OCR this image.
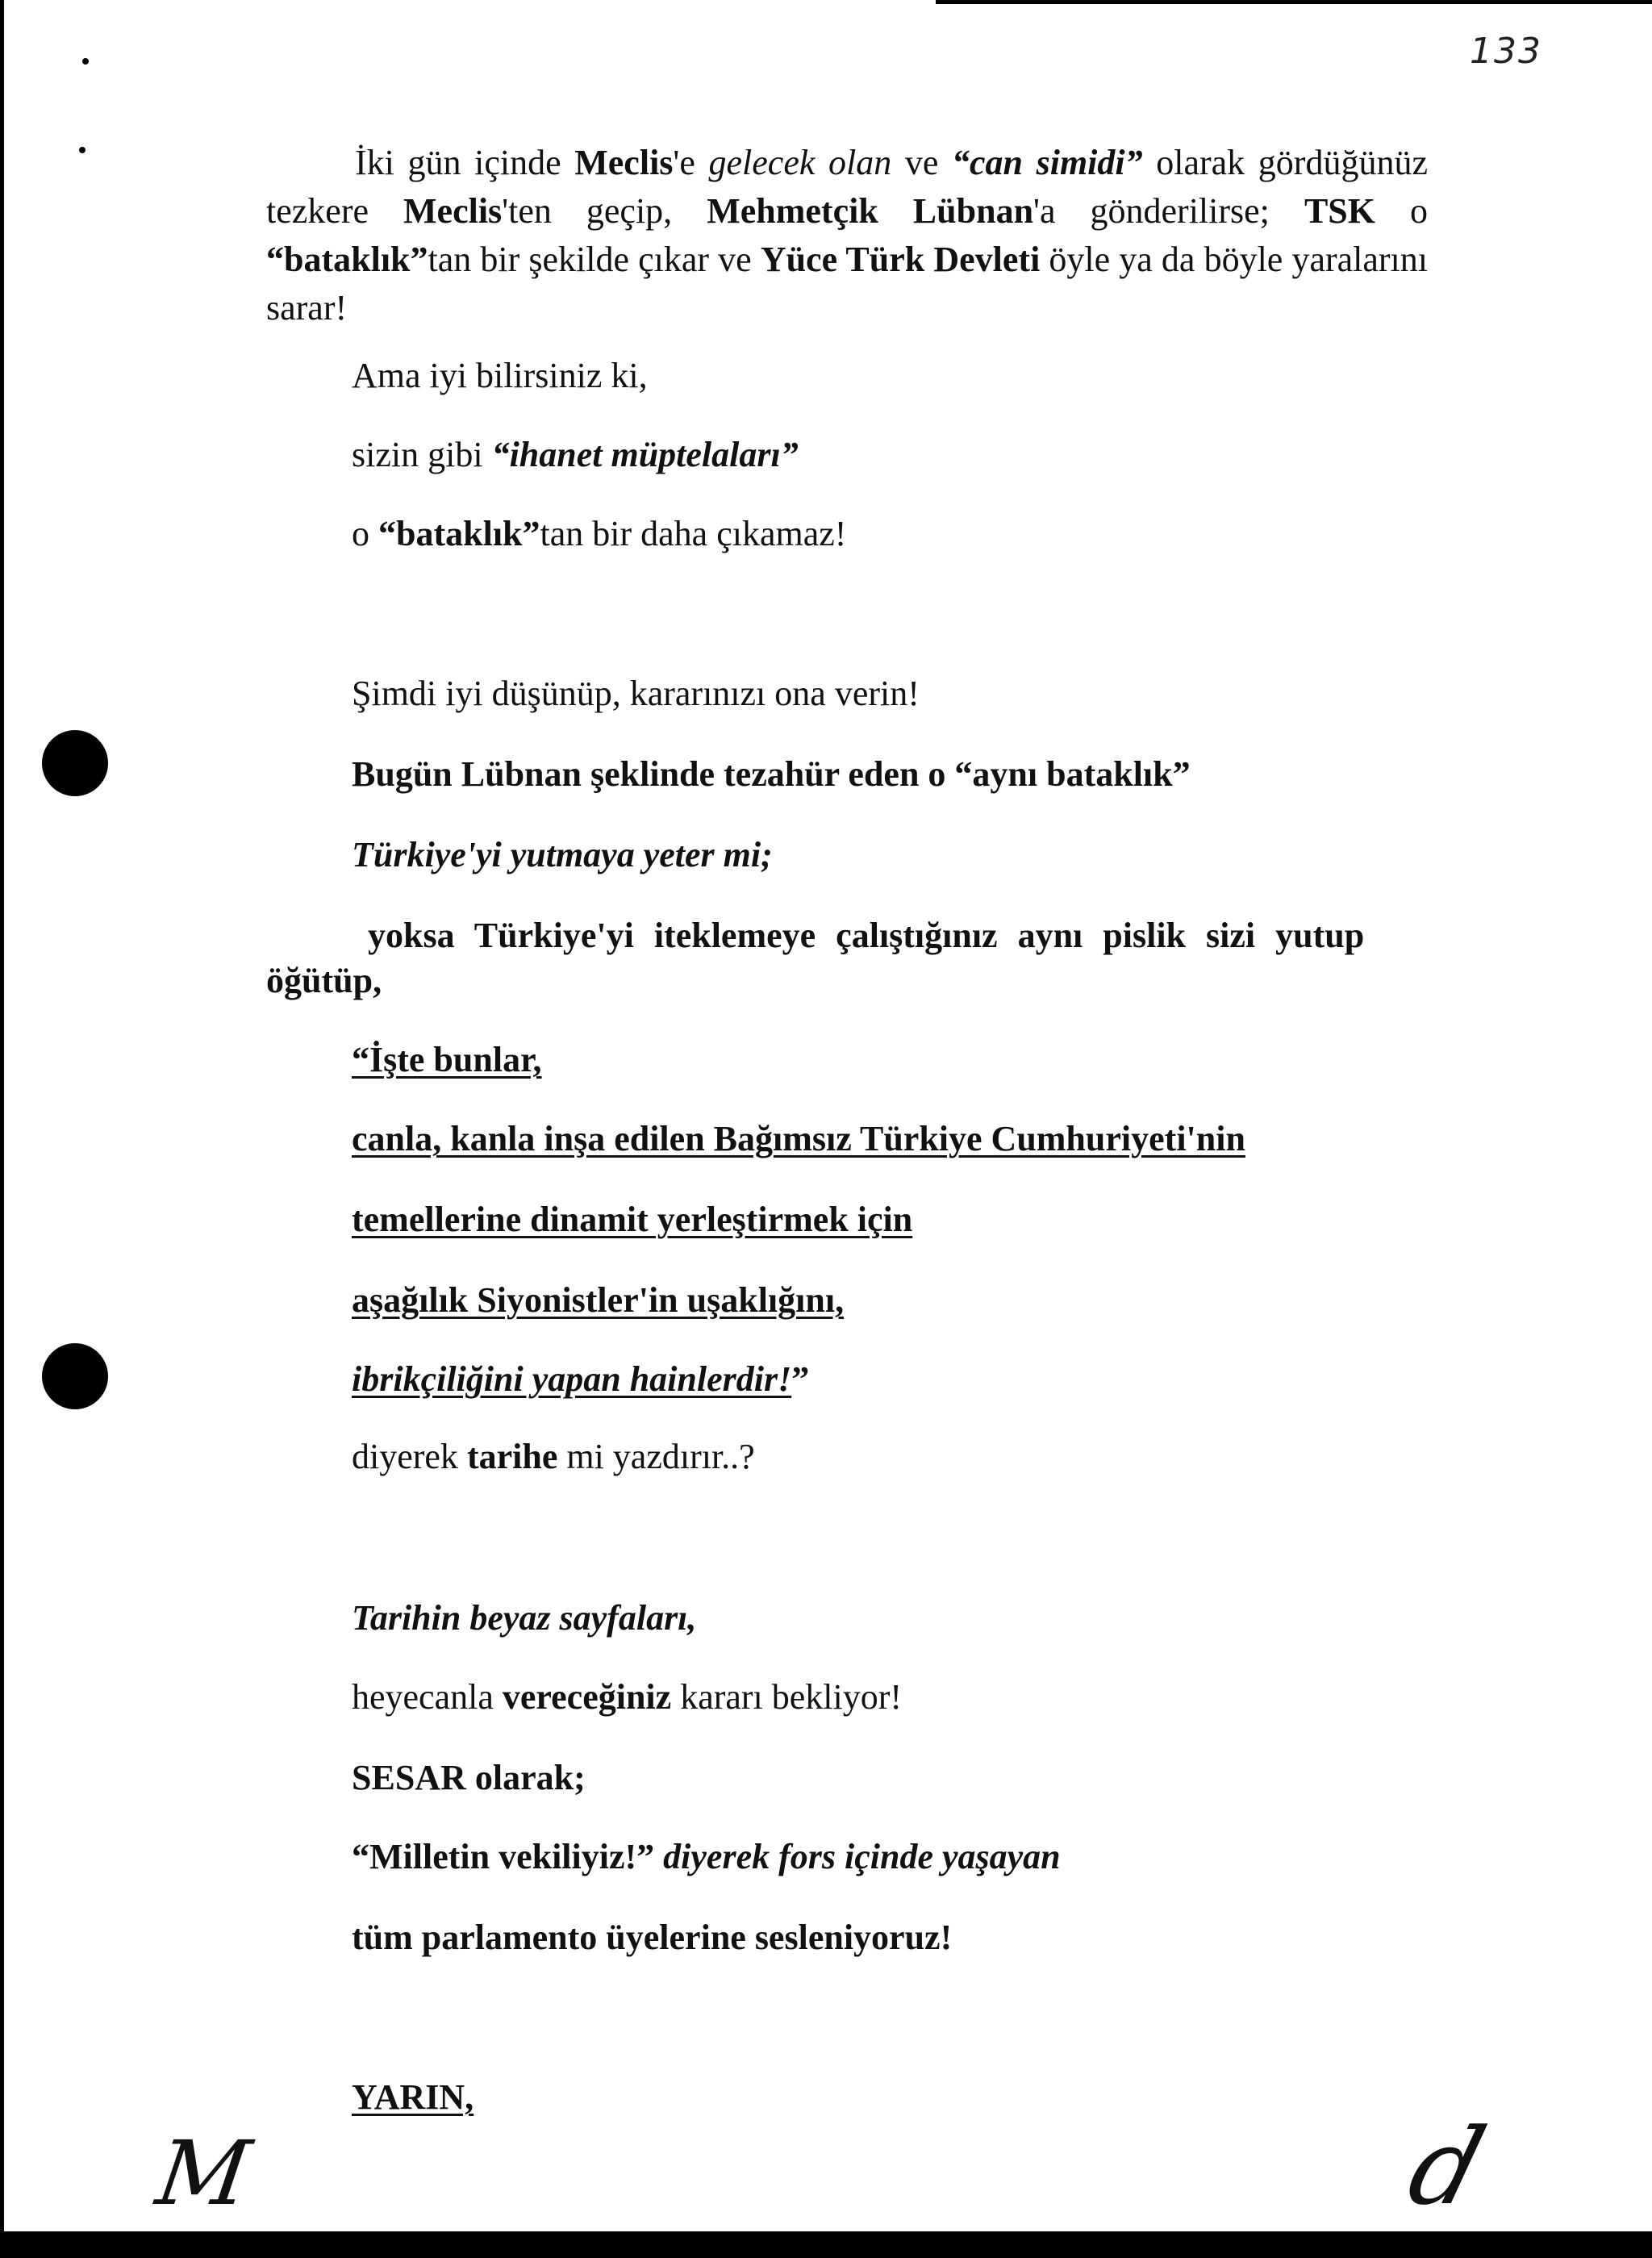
133
İki gün içinde Meclis'e gelecek olan ve “can simidi” olarak gördüğünüz tezkere Meclis'ten geçip, Mehmetçik Lübnan'a gönderilirse; TSK o “bataklık”tan bir şekilde çıkar ve Yüce Türk Devleti öyle ya da böyle yaralarını sarar!
Ama iyi bilirsiniz ki,
sizin gibi “ihanet müptelaları”
o “bataklık”tan bir daha çıkamaz!
Şimdi iyi düşünüp, kararınızı ona verin!
Bugün Lübnan şeklinde tezahür eden o “aynı bataklık”
Türkiye'yi yutmaya yeter mi;
yoksa Türkiye'yi iteklemeye çalıştığınız aynı pislik sizi yutup
öğütüp,
“İşte bunlar,
canla, kanla inşa edilen Bağımsız Türkiye Cumhuriyeti'nin
temellerine dinamit yerleştirmek için
aşağılık Siyonistler'in uşaklığını,
ibrikçiliğini yapan hainlerdir!”
diyerek tarihe mi yazdırır..?
Tarihin beyaz sayfaları,
heyecanla vereceğiniz kararı bekliyor!
SESAR olarak;
“Milletin vekiliyiz!” diyerek fors içinde yaşayan
tüm parlamento üyelerine sesleniyoruz!
YARIN,
M	d
